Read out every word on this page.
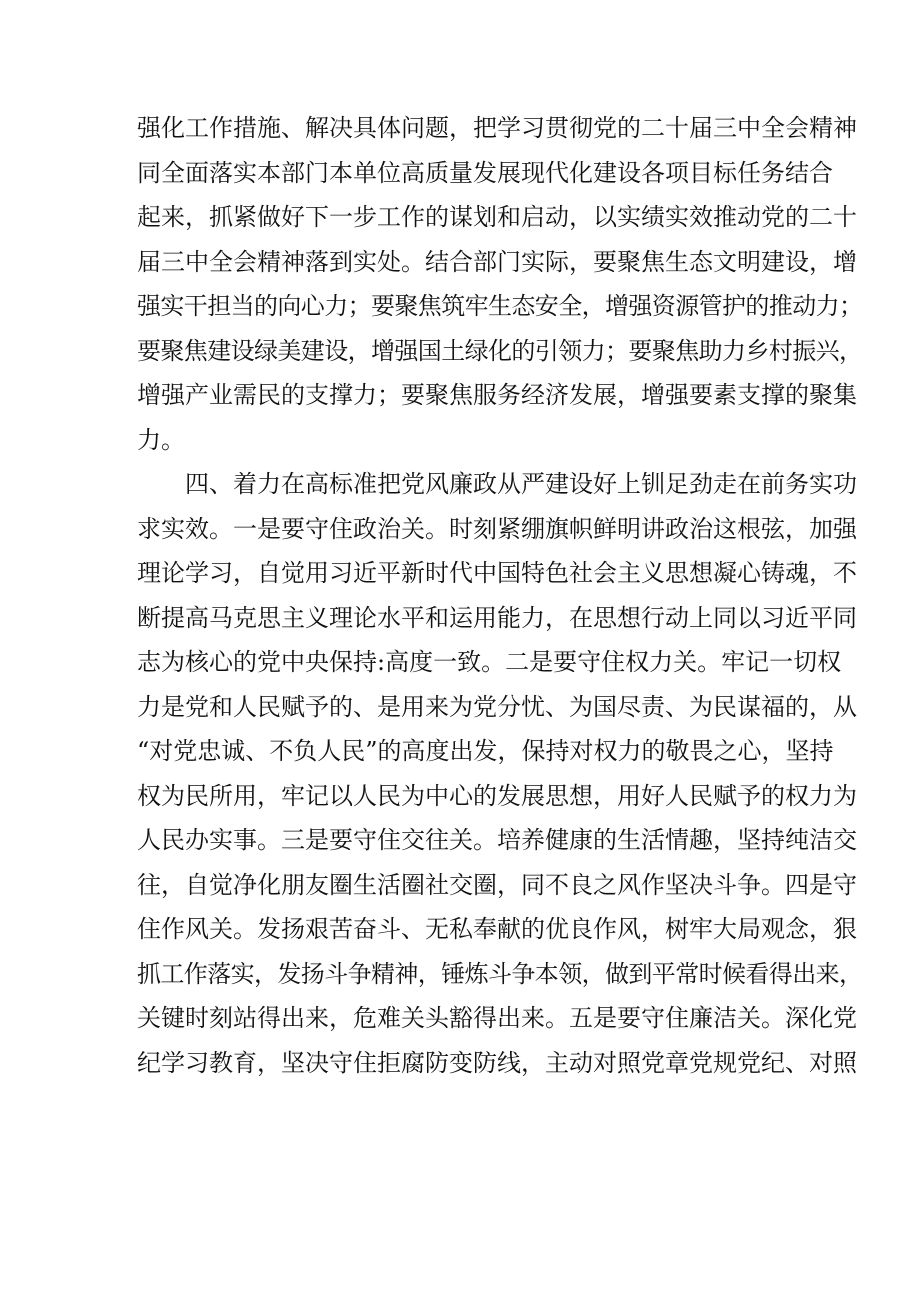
强化工作措施、解决具体问题，把学习贯彻党的二十届三中全会精神
同全面落实本部门本单位高质量发展现代化建设各项目标任务结合
起来，抓紧做好下一步工作的谋划和启动，以实绩实效推动党的二十
届三中全会精神落到实处。结合部门实际，要聚焦生态文明建设，增
强实干担当的向心力；要聚焦筑牢生态安全，增强资源管护的推动力；
要聚焦建设绿美建设，增强国土绿化的引领力；要聚焦助力乡村振兴，
增强产业需民的支撑力；要聚焦服务经济发展，增强要素支撑的聚集
力。
四、着力在高标准把党风廉政从严建设好上钏足劲走在前务实功
求实效。一是要守住政治关。时刻紧绷旗帜鲜明讲政治这根弦，加强
理论学习，自觉用习近平新时代中国特色社会主义思想凝心铸魂，不
断提高马克思主义理论水平和运用能力，在思想行动上同以习近平同
志为核心的党中央保持:高度一致。二是要守住权力关。牢记一切权
力是党和人民赋予的、是用来为党分忧、为国尽责、为民谋福的，从
“对党忠诚、不负人民”的高度出发，保持对权力的敬畏之心，坚持
权为民所用，牢记以人民为中心的发展思想，用好人民赋予的权力为
人民办实事。三是要守住交往关。培养健康的生活情趣，坚持纯洁交
往，自觉净化朋友圈生活圈社交圈，同不良之风作坚决斗争。四是守
住作风关。发扬艰苦奋斗、无私奉献的优良作风，树牢大局观念，狠
抓工作落实，发扬斗争精神，锤炼斗争本领，做到平常时候看得出来，
关键时刻站得出来，危难关头豁得出来。五是要守住廉洁关。深化党
纪学习教育，坚决守住拒腐防变防线，主动对照党章党规党纪、对照
